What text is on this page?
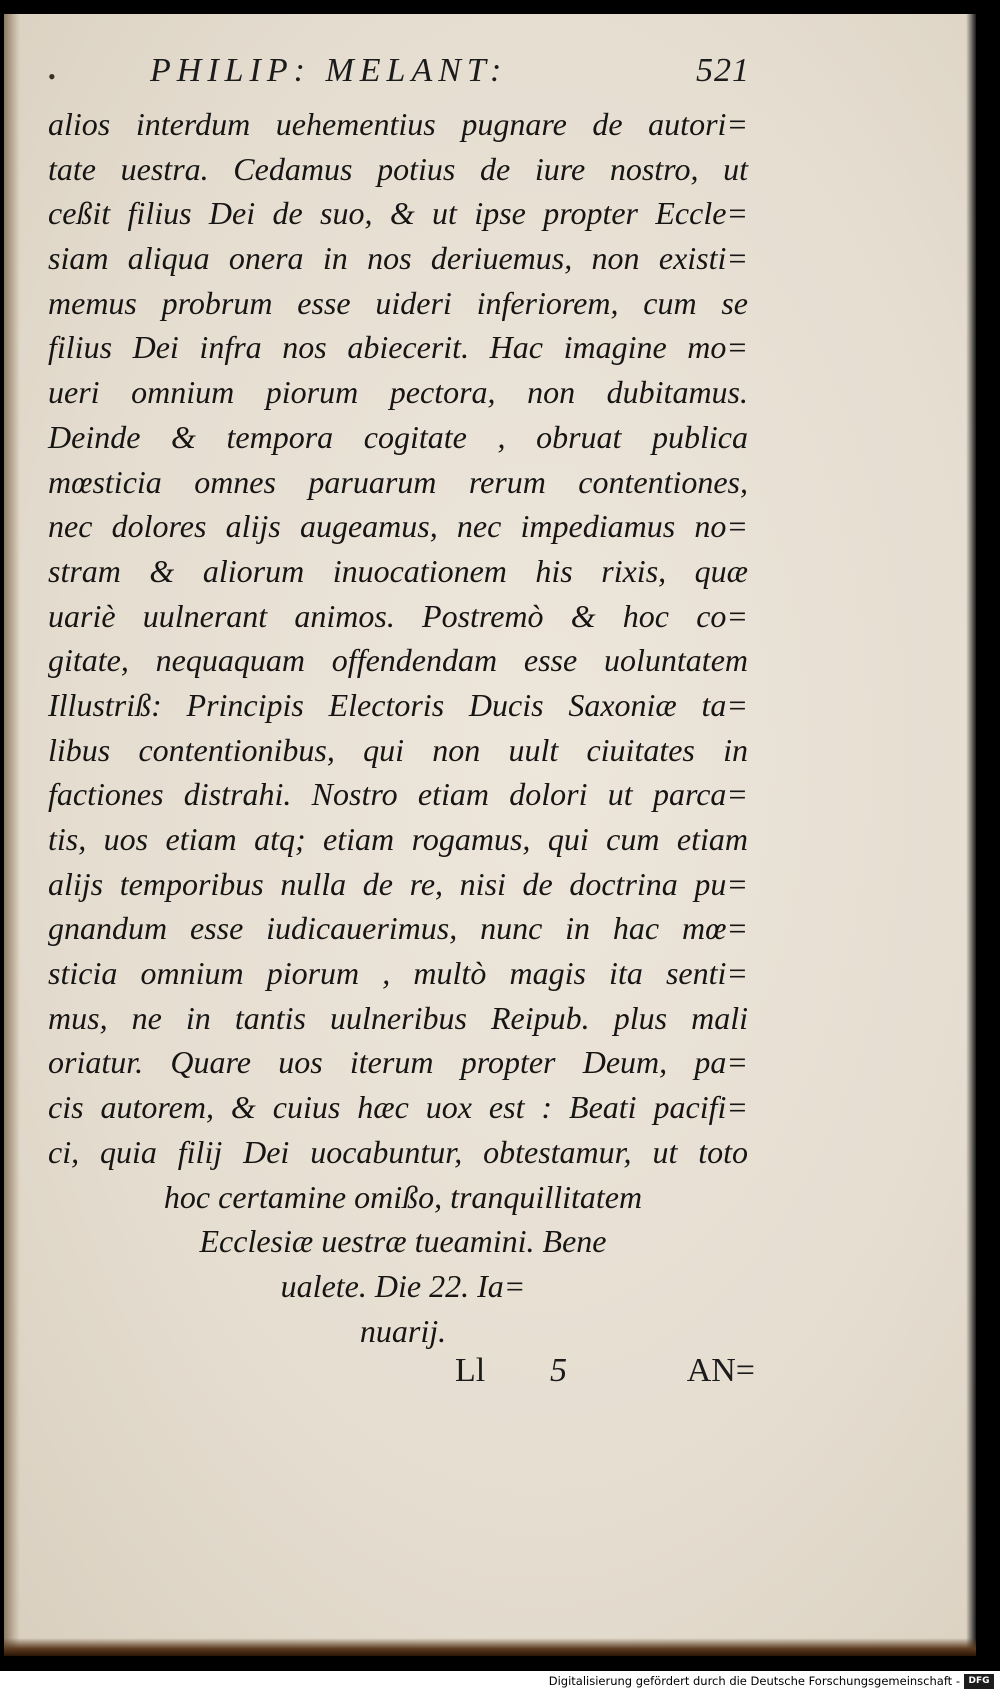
•	PHILIP: MELANT:	521
alios interdum uehementius pugnare de autori=
tate uestra. Cedamus potius de iure nostro, ut
ceßit filius Dei de suo, & ut ipse propter Eccle=
siam aliqua onera in nos deriuemus, non existi=
memus probrum esse uideri inferiorem, cum se
filius Dei infra nos abiecerit. Hac imagine mo=
ueri omnium piorum pectora, non dubitamus.
Deinde & tempora cogitate , obruat publica
mœsticia omnes paruarum rerum contentiones,
nec dolores alijs augeamus, nec impediamus no=
stram & aliorum inuocationem his rixis, quæ
uariè uulnerant animos. Postremò & hoc co=
gitate, nequaquam offendendam esse uoluntatem
Illustriß: Principis Electoris Ducis Saxoniæ ta=
libus contentionibus, qui non uult ciuitates in
factiones distrahi. Nostro etiam dolori ut parca=
tis, uos etiam atq; etiam rogamus, qui cum etiam
alijs temporibus nulla de re, nisi de doctrina pu=
gnandum esse iudicauerimus, nunc in hac mœ=
sticia omnium piorum , multò magis ita senti=
mus, ne in tantis uulneribus Reipub. plus mali
oriatur. Quare uos iterum propter Deum, pa=
cis autorem, & cuius hæc uox est : Beati pacifi=
ci, quia filij Dei uocabuntur, obtestamur, ut toto
hoc certamine omißo, tranquillitatem
Ecclesiæ uestræ tueamini. Bene
ualete. Die 22. Ia=
nuarij.
Ll 5	AN=
Digitalisierung gefördert durch die Deutsche Forschungsgemeinschaft - DFG
